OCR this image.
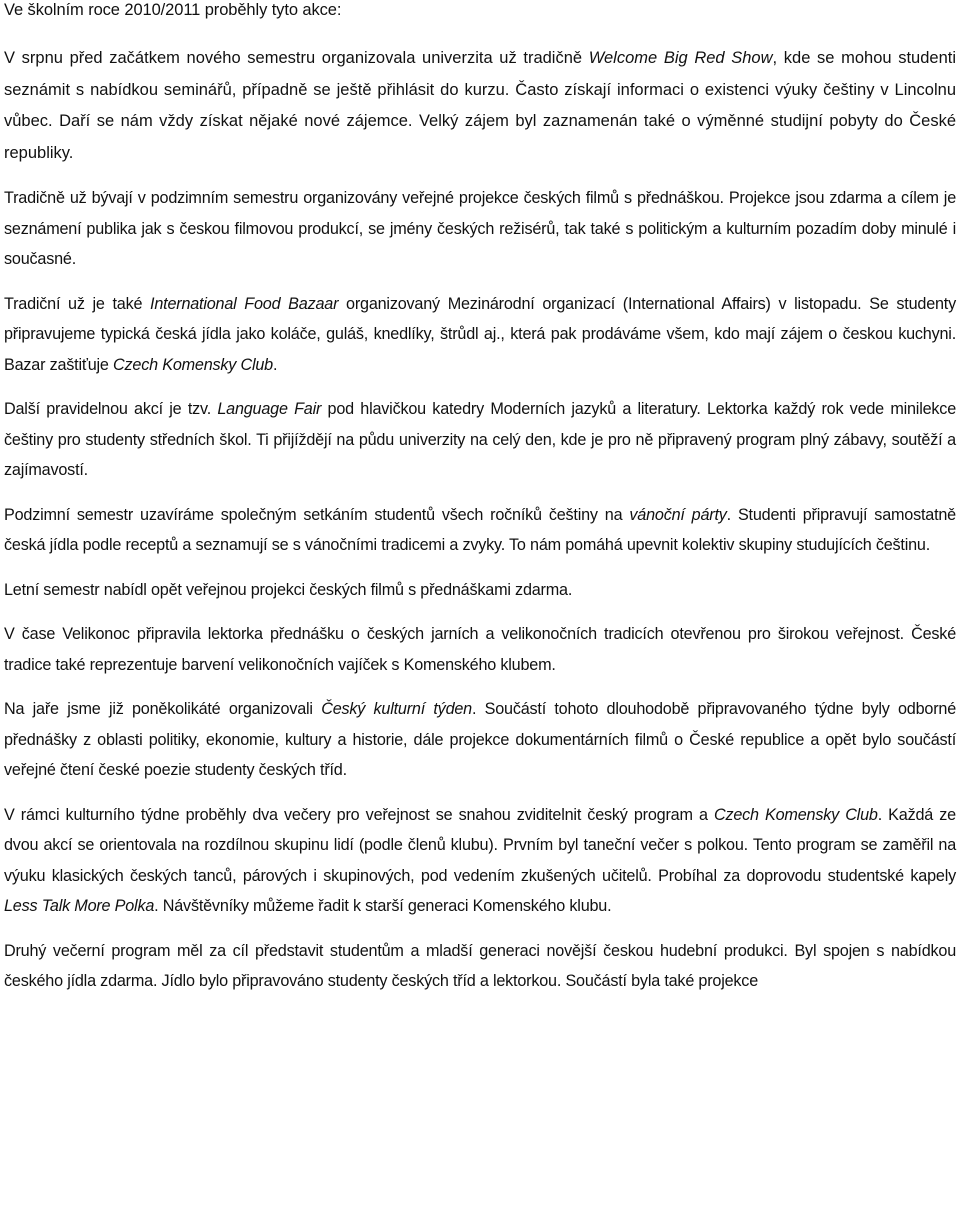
Ve školním roce 2010/2011 proběhly tyto akce:

V srpnu před začátkem nového semestru organizovala univerzita už tradičně Welcome Big Red Show, kde se mohou studenti seznámit s nabídkou seminářů, případně se ještě přihlásit do kurzu. Často získají informaci o existenci výuky češtiny v Lincolnu vůbec. Daří se nám vždy získat nějaké nové zájemce. Velký zájem byl zaznamenán také o výměnné studijní pobyty do České republiky.

Tradičně už bývají v podzimním semestru organizovány veřejné projekce českých filmů s přednáškou. Projekce jsou zdarma a cílem je seznámení publika jak s českou filmovou produkcí, se jmény českých režisérů, tak také s politickým a kulturním pozadím doby minulé i současné.

Tradiční už je také International Food Bazaar organizovaný Mezinárodní organizací (International Affairs) v listopadu. Se studenty připravujeme typická česká jídla jako koláče, guláš, knedlíky, štrůdl aj., která pak prodáváme všem, kdo mají zájem o českou kuchyni. Bazar zaštiťuje Czech Komensky Club.

Další pravidelnou akcí je tzv. Language Fair pod hlavičkou katedry Moderních jazyků a literatury. Lektorka každý rok vede minilekce češtiny pro studenty středních škol. Ti přijíždějí na půdu univerzity na celý den, kde je pro ně připravený program plný zábavy, soutěží a zajímavostí.

Podzimní semestr uzavíráme společným setkáním studentů všech ročníků češtiny na vánoční párty. Studenti připravují samostatně česká jídla podle receptů a seznamují se s vánočními tradicemi a zvyky. To nám pomáhá upevnit kolektiv skupiny studujících češtinu.

Letní semestr nabídl opět veřejnou projekci českých filmů s přednáškami zdarma.

V čase Velikonoc připravila lektorka přednášku o českých jarních a velikonočních tradicích otevřenou pro širokou veřejnost. České tradice také reprezentuje barvení velikonočních vajíček s Komenského klubem.

Na jaře jsme již poněkolikáté organizovali Český kulturní týden. Součástí tohoto dlouhodobě připravovaného týdne byly odborné přednášky z oblasti politiky, ekonomie, kultury a historie, dále projekce dokumentárních filmů o České republice a opět bylo součástí veřejné čtení české poezie studenty českých tříd.

V rámci kulturního týdne proběhly dva večery pro veřejnost se snahou zviditelnit český program a Czech Komensky Club. Každá ze dvou akcí se orientovala na rozdílnou skupinu lidí (podle členů klubu). Prvním byl taneční večer s polkou. Tento program se zaměřil na výuku klasických českých tanců, párových i skupinových, pod vedením zkušených učitelů. Probíhal za doprovodu studentské kapely Less Talk More Polka. Návštěvníky můžeme řadit k starší generaci Komenského klubu.

Druhý večerní program měl za cíl představit studentům a mladší generaci novější českou hudební produkci. Byl spojen s nabídkou českého jídla zdarma. Jídlo bylo připravováno studenty českých tříd a lektorkou. Součástí byla také projekce
